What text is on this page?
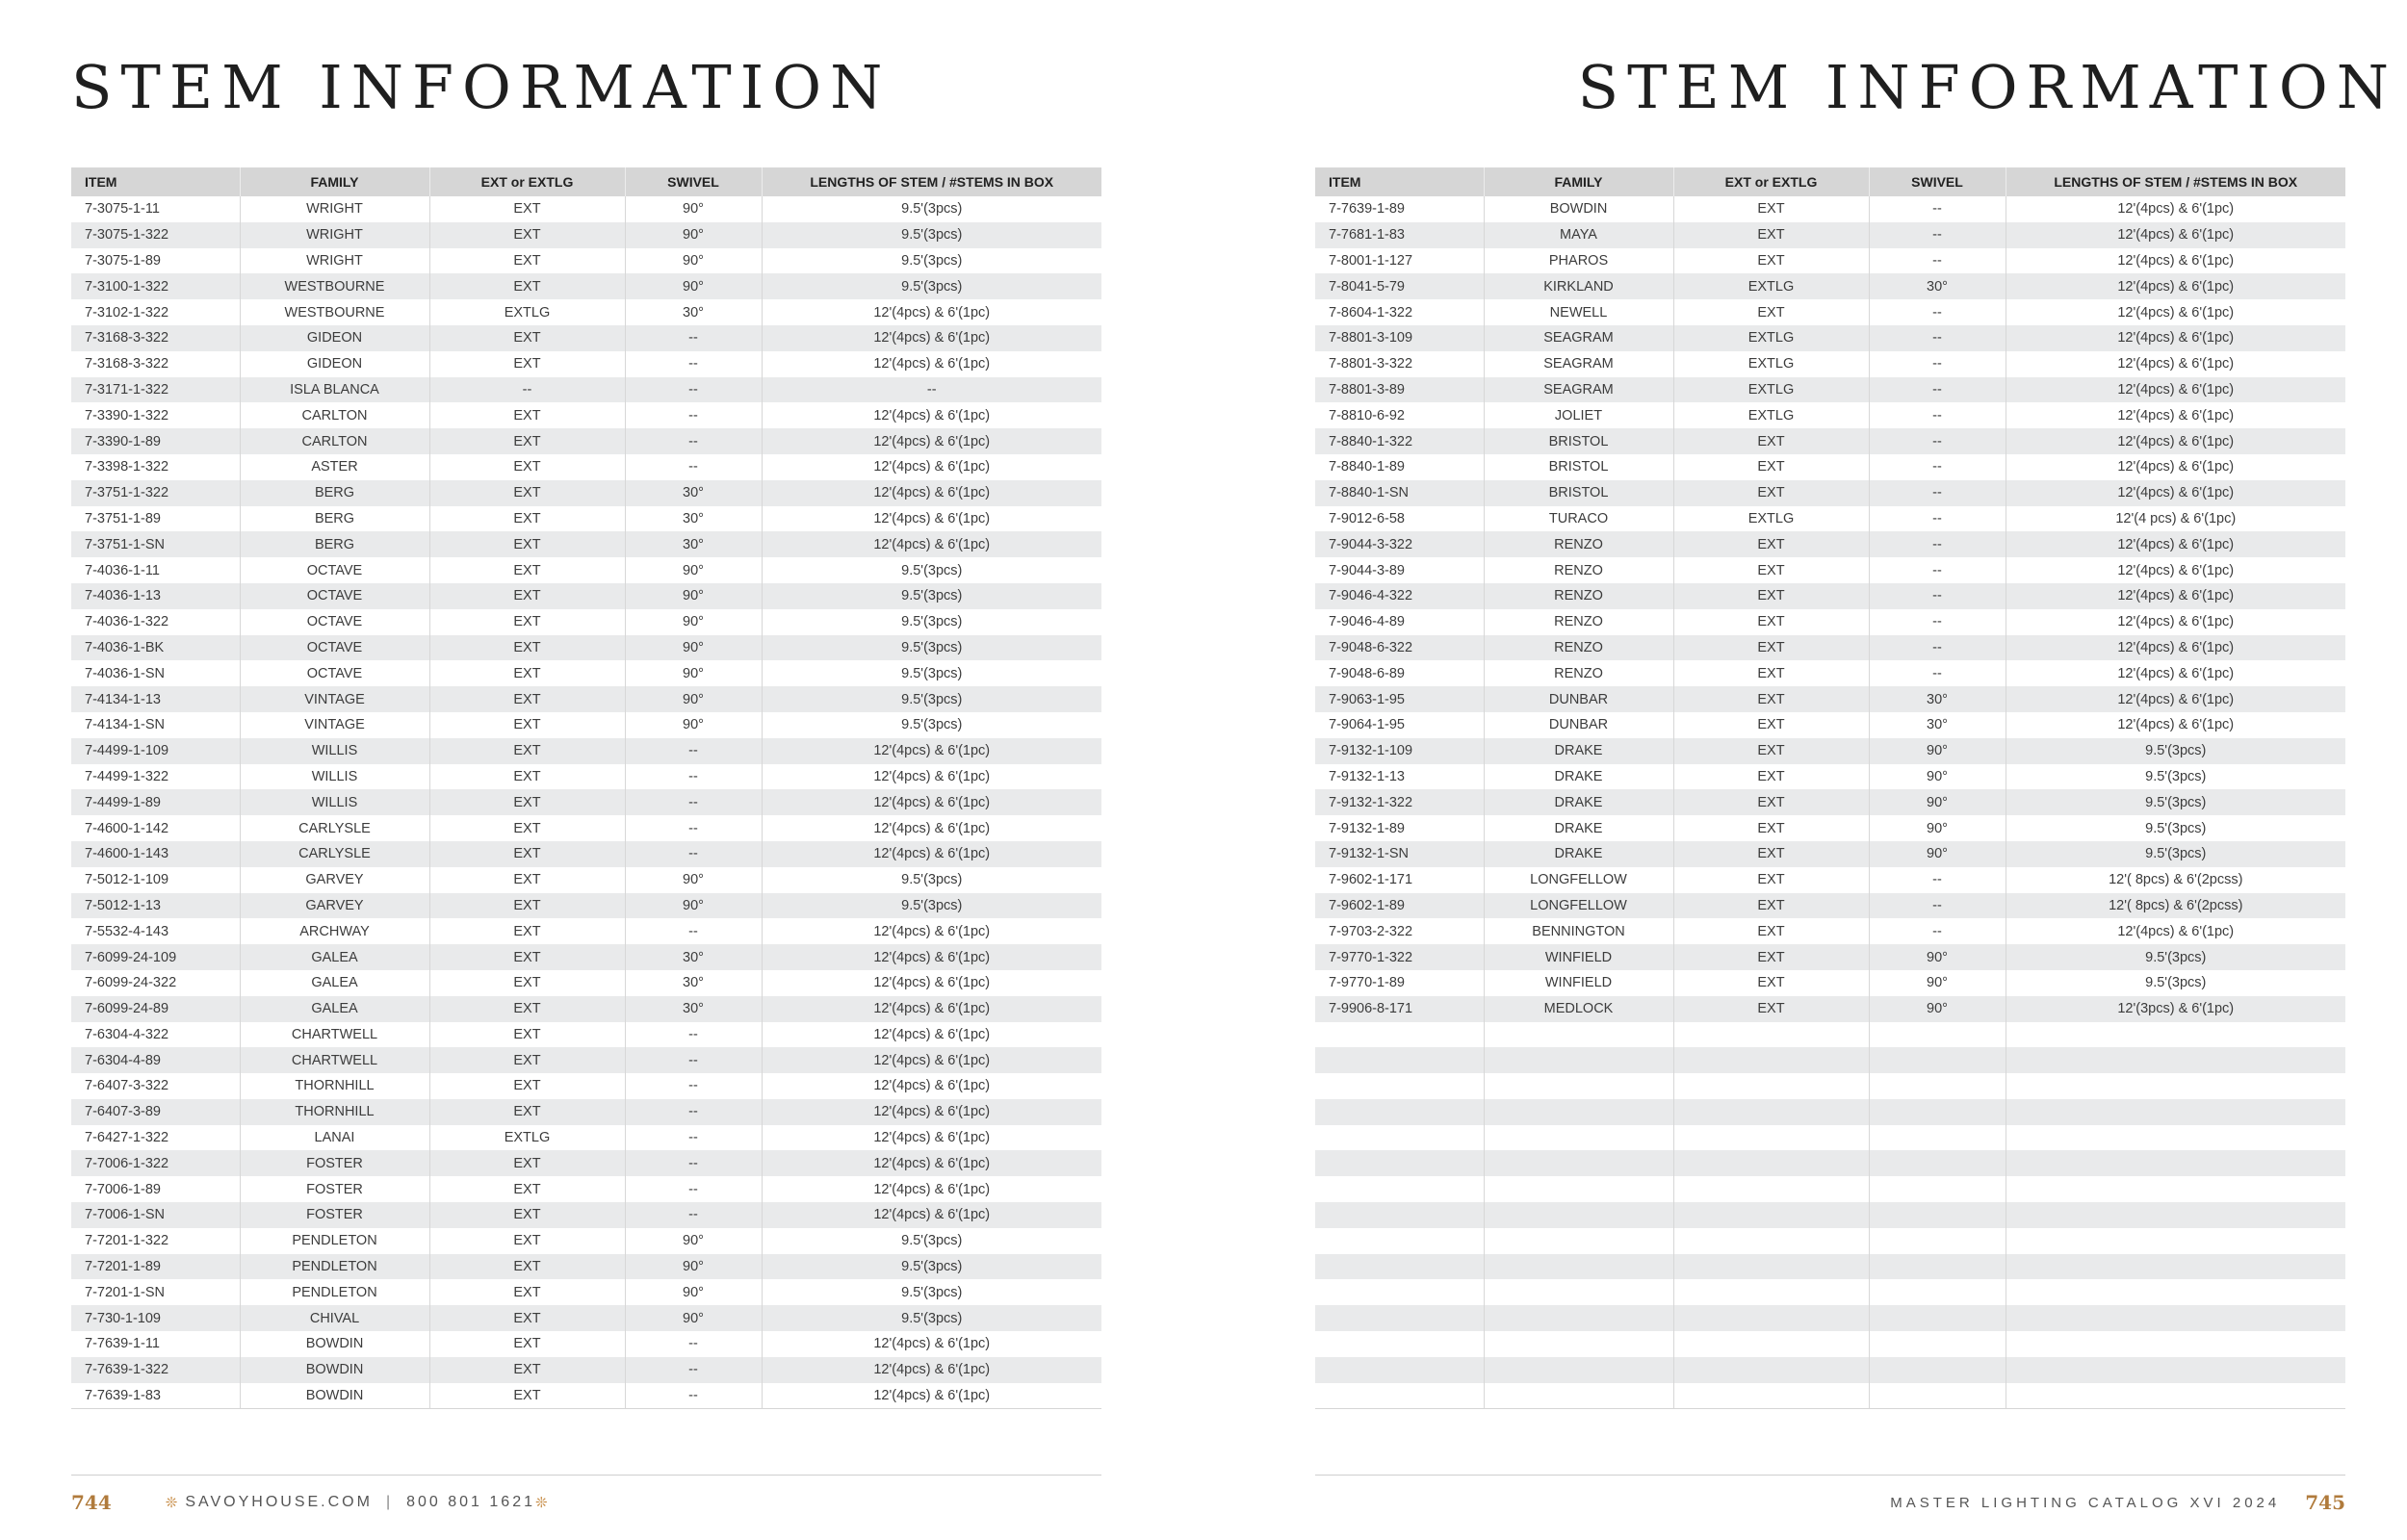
STEM INFORMATION
ITEM	FAMILY	EXT or EXTLG	SWIVEL	LENGTHS OF STEM / #STEMS IN BOX
7-3075-1-11	WRIGHT	EXT	90°	9.5'(3pcs)
7-3075-1-322	WRIGHT	EXT	90°	9.5'(3pcs)
7-3075-1-89	WRIGHT	EXT	90°	9.5'(3pcs)
7-3100-1-322	WESTBOURNE	EXT	90°	9.5'(3pcs)
7-3102-1-322	WESTBOURNE	EXTLG	30°	12'(4pcs) & 6'(1pc)
7-3168-3-322	GIDEON	EXT	--	12'(4pcs) & 6'(1pc)
7-3168-3-322	GIDEON	EXT	--	12'(4pcs) & 6'(1pc)
7-3171-1-322	ISLA BLANCA	--	--	--
7-3390-1-322	CARLTON	EXT	--	12'(4pcs) & 6'(1pc)
7-3390-1-89	CARLTON	EXT	--	12'(4pcs) & 6'(1pc)
7-3398-1-322	ASTER	EXT	--	12'(4pcs) & 6'(1pc)
7-3751-1-322	BERG	EXT	30°	12'(4pcs) & 6'(1pc)
7-3751-1-89	BERG	EXT	30°	12'(4pcs) & 6'(1pc)
7-3751-1-SN	BERG	EXT	30°	12'(4pcs) & 6'(1pc)
7-4036-1-11	OCTAVE	EXT	90°	9.5'(3pcs)
7-4036-1-13	OCTAVE	EXT	90°	9.5'(3pcs)
7-4036-1-322	OCTAVE	EXT	90°	9.5'(3pcs)
7-4036-1-BK	OCTAVE	EXT	90°	9.5'(3pcs)
7-4036-1-SN	OCTAVE	EXT	90°	9.5'(3pcs)
7-4134-1-13	VINTAGE	EXT	90°	9.5'(3pcs)
7-4134-1-SN	VINTAGE	EXT	90°	9.5'(3pcs)
7-4499-1-109	WILLIS	EXT	--	12'(4pcs) & 6'(1pc)
7-4499-1-322	WILLIS	EXT	--	12'(4pcs) & 6'(1pc)
7-4499-1-89	WILLIS	EXT	--	12'(4pcs) & 6'(1pc)
7-4600-1-142	CARLYSLE	EXT	--	12'(4pcs) & 6'(1pc)
7-4600-1-143	CARLYSLE	EXT	--	12'(4pcs) & 6'(1pc)
7-5012-1-109	GARVEY	EXT	90°	9.5'(3pcs)
7-5012-1-13	GARVEY	EXT	90°	9.5'(3pcs)
7-5532-4-143	ARCHWAY	EXT	--	12'(4pcs) & 6'(1pc)
7-6099-24-109	GALEA	EXT	30°	12'(4pcs) & 6'(1pc)
7-6099-24-322	GALEA	EXT	30°	12'(4pcs) & 6'(1pc)
7-6099-24-89	GALEA	EXT	30°	12'(4pcs) & 6'(1pc)
7-6304-4-322	CHARTWELL	EXT	--	12'(4pcs) & 6'(1pc)
7-6304-4-89	CHARTWELL	EXT	--	12'(4pcs) & 6'(1pc)
7-6407-3-322	THORNHILL	EXT	--	12'(4pcs) & 6'(1pc)
7-6407-3-89	THORNHILL	EXT	--	12'(4pcs) & 6'(1pc)
7-6427-1-322	LANAI	EXTLG	--	12'(4pcs) & 6'(1pc)
7-7006-1-322	FOSTER	EXT	--	12'(4pcs) & 6'(1pc)
7-7006-1-89	FOSTER	EXT	--	12'(4pcs) & 6'(1pc)
7-7006-1-SN	FOSTER	EXT	--	12'(4pcs) & 6'(1pc)
7-7201-1-322	PENDLETON	EXT	90°	9.5'(3pcs)
7-7201-1-89	PENDLETON	EXT	90°	9.5'(3pcs)
7-7201-1-SN	PENDLETON	EXT	90°	9.5'(3pcs)
7-730-1-109	CHIVAL	EXT	90°	9.5'(3pcs)
7-7639-1-11	BOWDIN	EXT	--	12'(4pcs) & 6'(1pc)
7-7639-1-322	BOWDIN	EXT	--	12'(4pcs) & 6'(1pc)
7-7639-1-83	BOWDIN	EXT	--	12'(4pcs) & 6'(1pc)
744	❊ SAVOYHOUSE.COM | 800 801 1621 ❊
STEM INFORMATION
ITEM	FAMILY	EXT or EXTLG	SWIVEL	LENGTHS OF STEM / #STEMS IN BOX
7-7639-1-89	BOWDIN	EXT	--	12'(4pcs) & 6'(1pc)
7-7681-1-83	MAYA	EXT	--	12'(4pcs) & 6'(1pc)
7-8001-1-127	PHAROS	EXT	--	12'(4pcs) & 6'(1pc)
7-8041-5-79	KIRKLAND	EXTLG	30°	12'(4pcs) & 6'(1pc)
7-8604-1-322	NEWELL	EXT	--	12'(4pcs) & 6'(1pc)
7-8801-3-109	SEAGRAM	EXTLG	--	12'(4pcs) & 6'(1pc)
7-8801-3-322	SEAGRAM	EXTLG	--	12'(4pcs) & 6'(1pc)
7-8801-3-89	SEAGRAM	EXTLG	--	12'(4pcs) & 6'(1pc)
7-8810-6-92	JOLIET	EXTLG	--	12'(4pcs) & 6'(1pc)
7-8840-1-322	BRISTOL	EXT	--	12'(4pcs) & 6'(1pc)
7-8840-1-89	BRISTOL	EXT	--	12'(4pcs) & 6'(1pc)
7-8840-1-SN	BRISTOL	EXT	--	12'(4pcs) & 6'(1pc)
7-9012-6-58	TURACO	EXTLG	--	12'(4 pcs) & 6'(1pc)
7-9044-3-322	RENZO	EXT	--	12'(4pcs) & 6'(1pc)
7-9044-3-89	RENZO	EXT	--	12'(4pcs) & 6'(1pc)
7-9046-4-322	RENZO	EXT	--	12'(4pcs) & 6'(1pc)
7-9046-4-89	RENZO	EXT	--	12'(4pcs) & 6'(1pc)
7-9048-6-322	RENZO	EXT	--	12'(4pcs) & 6'(1pc)
7-9048-6-89	RENZO	EXT	--	12'(4pcs) & 6'(1pc)
7-9063-1-95	DUNBAR	EXT	30°	12'(4pcs) & 6'(1pc)
7-9064-1-95	DUNBAR	EXT	30°	12'(4pcs) & 6'(1pc)
7-9132-1-109	DRAKE	EXT	90°	9.5'(3pcs)
7-9132-1-13	DRAKE	EXT	90°	9.5'(3pcs)
7-9132-1-322	DRAKE	EXT	90°	9.5'(3pcs)
7-9132-1-89	DRAKE	EXT	90°	9.5'(3pcs)
7-9132-1-SN	DRAKE	EXT	90°	9.5'(3pcs)
7-9602-1-171	LONGFELLOW	EXT	--	12'( 8pcs) & 6'(2pcss)
7-9602-1-89	LONGFELLOW	EXT	--	12'( 8pcs) & 6'(2pcss)
7-9703-2-322	BENNINGTON	EXT	--	12'(4pcs) & 6'(1pc)
7-9770-1-322	WINFIELD	EXT	90°	9.5'(3pcs)
7-9770-1-89	WINFIELD	EXT	90°	9.5'(3pcs)
7-9906-8-171	MEDLOCK	EXT	90°	12'(3pcs) & 6'(1pc)

MASTER LIGHTING CATALOG XVI 2024 745
